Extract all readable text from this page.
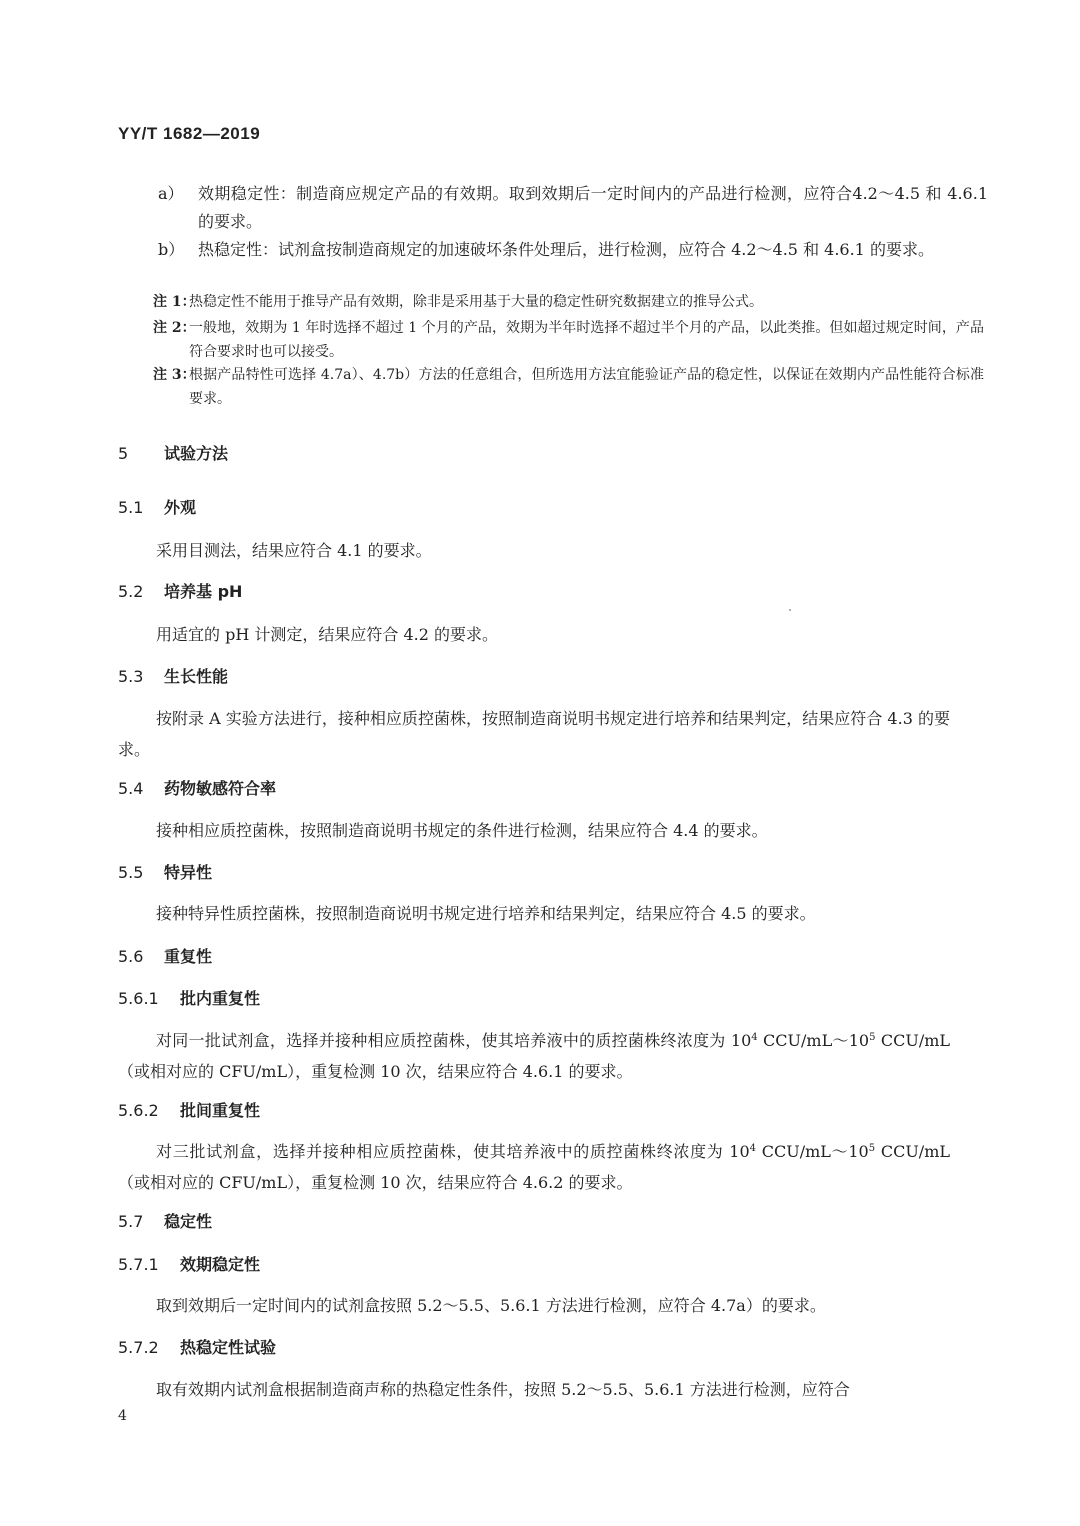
YY/T 1682—2019
a） 效期稳定性：制造商应规定产品的有效期。取到效期后一定时间内的产品进行检测，应符合4.2～4.5 和 4.6.1 的要求。
b） 热稳定性：试剂盒按制造商规定的加速破坏条件处理后，进行检测，应符合 4.2～4.5 和 4.6.1 的要求。
注 1：
热稳定性不能用于推导产品有效期，除非是采用基于大量的稳定性研究数据建立的推导公式。
注 2：
一般地，效期为 1 年时选择不超过 1 个月的产品，效期为半年时选择不超过半个月的产品，以此类推。但如超过规定时间，产品符合要求时也可以接受。
注 3：
根据产品特性可选择 4.7a）、4.7b）方法的任意组合，但所选用方法宜能验证产品的稳定性，以保证在效期内产品性能符合标准要求。
5 试验方法
5.1 外观
采用目测法，结果应符合 4.1 的要求。
5.2 培养基 pH
用适宜的 pH 计测定，结果应符合 4.2 的要求。
5.3 生长性能
按附录 A 实验方法进行，接种相应质控菌株，按照制造商说明书规定进行培养和结果判定，结果应符合 4.3 的要求。
5.4 药物敏感符合率
接种相应质控菌株，按照制造商说明书规定的条件进行检测，结果应符合 4.4 的要求。
5.5 特异性
接种特异性质控菌株，按照制造商说明书规定进行培养和结果判定，结果应符合 4.5 的要求。
5.6 重复性
5.6.1 批内重复性
对同一批试剂盒，选择并接种相应质控菌株，使其培养液中的质控菌株终浓度为 $10^4$ CCU/$mL\sim 10^5$ CCU/mL（或相对应的 CFU/mL），重复检测 10 次，结果应符合 4.6.1 的要求。
5.6.2 批间重复性
对三批试剂盒，选择并接种相应质控菌株，使其培养液中的质控菌株终浓度为 $10^4$ CCU/$mL\sim 10^5$ CCU/mL（或相对应的 CFU/mL），重复检测 10 次，结果应符合 4.6.2 的要求。
5.7 稳定性
5.7.1 效期稳定性
取到效期后一定时间内的试剂盒按照 5.2～5.5、5.6.1 方法进行检测，应符合 4.7a）的要求。
5.7.2 热稳定性试验
取有效期内试剂盒根据制造商声称的热稳定性条件，按照 5.2～5.5、5.6.1 方法进行检测，应符合
4
